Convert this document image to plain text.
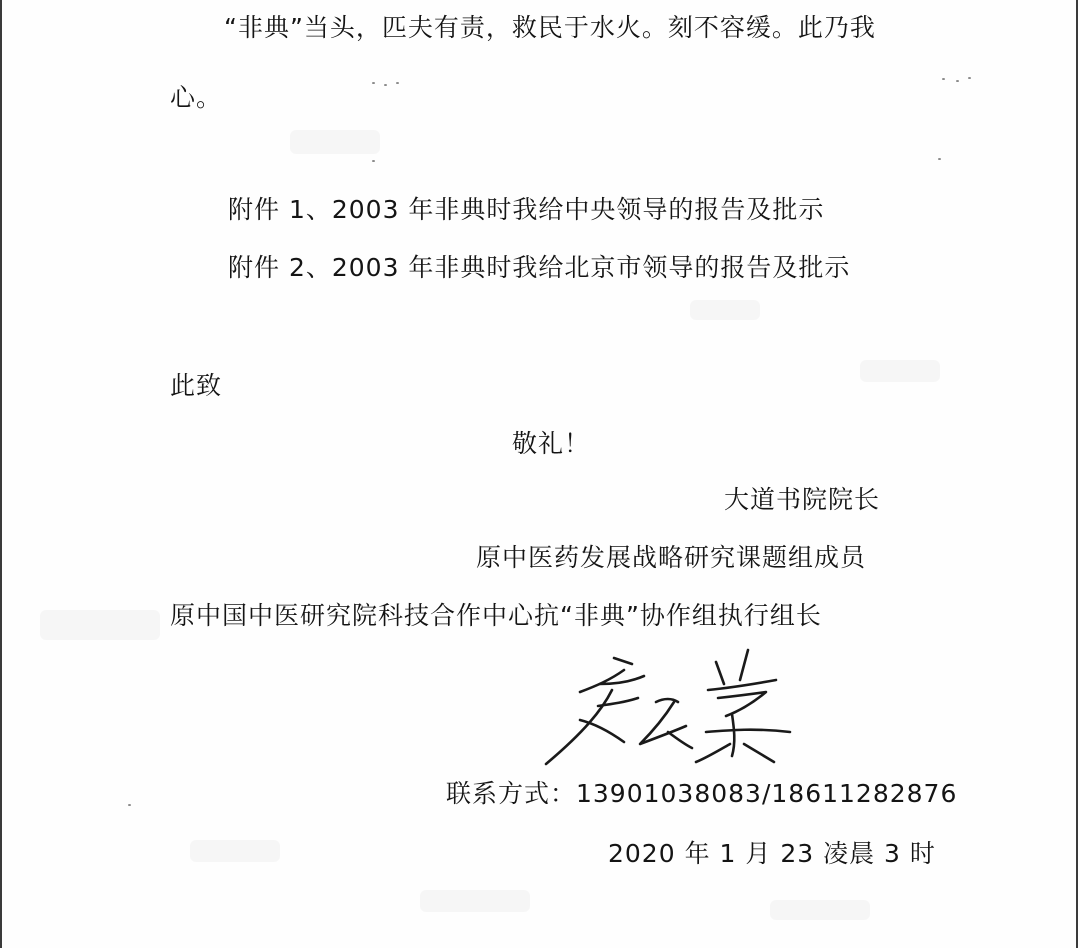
“非典”当头，匹夫有责，救民于水火。刻不容缓。此乃我
心。
附件 1、2003 年非典时我给中央领导的报告及批示
附件 2、2003 年非典时我给北京市领导的报告及批示
此致
敬礼！
大道书院院长
原中医药发展战略研究课题组成员
原中国中医研究院科技合作中心抗“非典”协作组执行组长
联系方式：13901038083/18611282876
2020 年 1 月 23 凌晨 3 时
